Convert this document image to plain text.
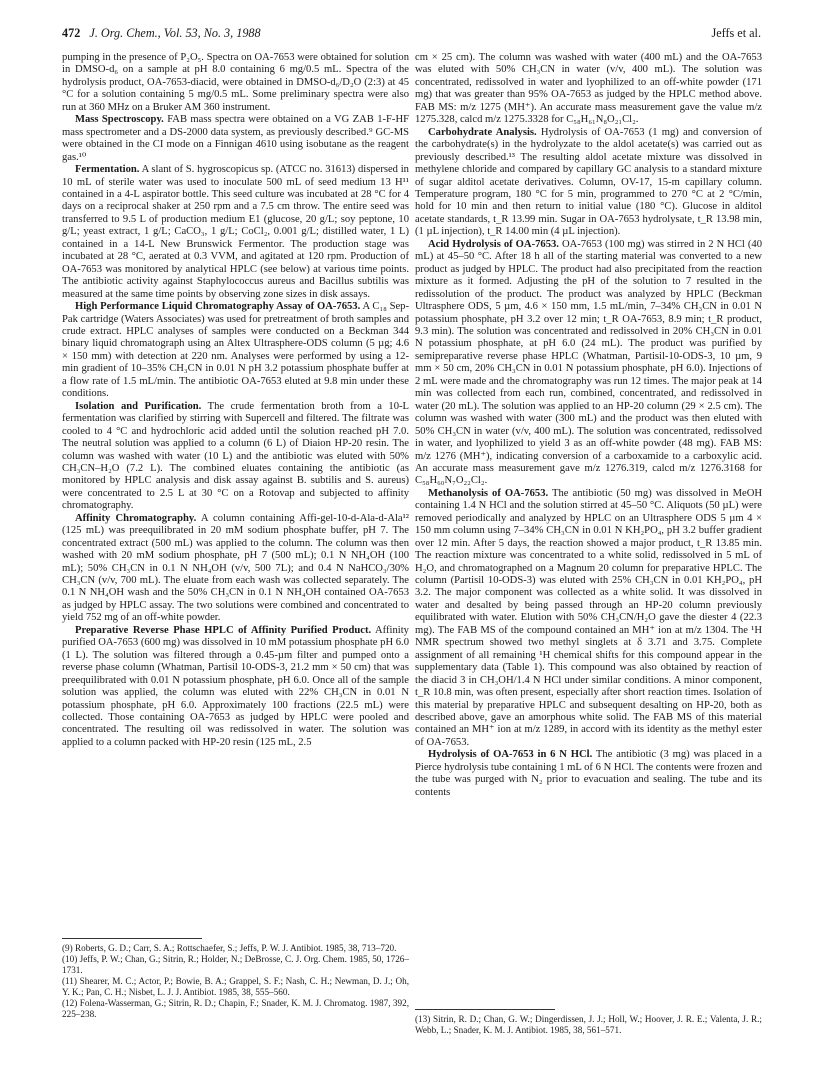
472 J. Org. Chem., Vol. 53, No. 3, 1988	Jeffs et al.

pumping in the presence of P₂O₅. Spectra on OA-7653 were obtained for solution in DMSO-d₆ on a sample at pH 8.0 containing 6 mg/0.5 mL. Spectra of the hydrolysis product, OA-7653-diacid, were obtained in DMSO-d₆/D₂O (2:3) at 45 °C for a solution containing 5 mg/0.5 mL. Some preliminary spectra were also run at 360 MHz on a Bruker AM 360 instrument.

Mass Spectroscopy. FAB mass spectra were obtained on a VG ZAB 1-F-HF mass spectrometer and a DS-2000 data system, as previously described.⁹ GC-MS were obtained in the CI mode on a Finnigan 4610 using isobutane as the reagent gas.¹⁰

Fermentation. A slant of S. hygroscopicus sp. (ATCC no. 31613) dispersed in 10 mL of sterile water was used to inoculate 500 mL of seed medium 13 H¹¹ contained in a 4-L aspirator bottle. This seed culture was incubated at 28 °C for 4 days on a reciprocal shaker at 250 rpm and a 7.5 cm throw. The entire seed was transferred to 9.5 L of production medium E1 (glucose, 20 g/L; soy peptone, 10 g/L; yeast extract, 1 g/L; CaCO₃, 1 g/L; CoCl₂, 0.001 g/L; distilled water, 1 L) contained in a 14-L New Brunswick Fermentor. The production stage was incubated at 28 °C, aerated at 0.3 VVM, and agitated at 120 rpm. Production of OA-7653 was monitored by analytical HPLC (see below) at various time points. The antibiotic activity against Staphylococcus aureus and Bacillus subtilis was measured at the same time points by observing zone sizes in disk assays.

High Performance Liquid Chromatography Assay of OA-7653. A C₁₈ Sep-Pak cartridge (Waters Associates) was used for pretreatment of broth samples and crude extract. HPLC analyses of samples were conducted on a Beckman 344 binary liquid chromatograph using an Altex Ultrasphere-ODS column (5 µg; 4.6 × 150 mm) with detection at 220 nm. Analyses were performed by using a 12-min gradient of 10–35% CH₃CN in 0.01 N pH 3.2 potassium phosphate buffer at a flow rate of 1.5 mL/min. The antibiotic OA-7653 eluted at 9.8 min under these conditions.

Isolation and Purification. The crude fermentation broth from a 10-L fermentation was clarified by stirring with Supercell and filtered. The filtrate was cooled to 4 °C and hydrochloric acid added until the solution reached pH 7.0. The neutral solution was applied to a column (6 L) of Diaion HP-20 resin. The column was washed with water (10 L) and the antibiotic was eluted with 50% CH₃CN–H₂O (7.2 L). The combined eluates containing the antibiotic (as monitored by HPLC analysis and disk assay against B. subtilis and S. aureus) were concentrated to 2.5 L at 30 °C on a Rotovap and subjected to affinity chromatography.

Affinity Chromatography. A column containing Affi-gel-10-d-Ala-d-Ala¹² (125 mL) was preequilibrated in 20 mM sodium phosphate buffer, pH 7. The concentrated extract (500 mL) was applied to the column. The column was then washed with 20 mM sodium phosphate, pH 7 (500 mL); 0.1 N NH₄OH (100 mL); 50% CH₃CN in 0.1 N NH₄OH (v/v, 500 7L); and 0.4 N NaHCO₃/30% CH₃CN (v/v, 700 mL). The eluate from each wash was collected separately. The 0.1 N NH₄OH wash and the 50% CH₃CN in 0.1 N NH₄OH contained OA-7653 as judged by HPLC assay. The two solutions were combined and concentrated to yield 752 mg of an off-white powder.

Preparative Reverse Phase HPLC of Affinity Purified Product. Affinity purified OA-7653 (600 mg) was dissolved in 10 mM potassium phosphate pH 6.0 (1 L). The solution was filtered through a 0.45-µm filter and pumped onto a reverse phase column (Whatman, Partisil 10-ODS-3, 21.2 mm × 50 cm) that was preequilibrated with 0.01 N potassium phosphate, pH 6.0. Once all of the sample solution was applied, the column was eluted with 22% CH₃CN in 0.01 N potassium phosphate, pH 6.0. Approximately 100 fractions (22.5 mL) were collected. Those containing OA-7653 as judged by HPLC were pooled and concentrated. The resulting oil was redissolved in water. The solution was applied to a column packed with HP-20 resin (125 mL, 2.5

cm × 25 cm). The column was washed with water (400 mL) and the OA-7653 was eluted with 50% CH₃CN in water (v/v, 400 mL). The solution was concentrated, redissolved in water and lyophilized to an off-white powder (171 mg) that was greater than 95% OA-7653 as judged by the HPLC method above. FAB MS: m/z 1275 (MH⁺). An accurate mass measurement gave the value m/z 1275.328, calcd m/z 1275.3328 for C₅₈H₆₁N₈O₂₁Cl₂.

Carbohydrate Analysis. Hydrolysis of OA-7653 (1 mg) and conversion of the carbohydrate(s) in the hydrolyzate to the aldol acetate(s) was carried out as previously described.¹³ The resulting aldol acetate mixture was dissolved in methylene chloride and compared by capillary GC analysis to a standard mixture of sugar alditol acetate derivatives. Column, OV-17, 15-m capillary column. Temperature program, 180 °C for 5 min, programmed to 270 °C at 2 °C/min, hold for 10 min and then return to initial value (180 °C). Glucose in alditol acetate standards, t_R 13.99 min. Sugar in OA-7653 hydrolysate, t_R 13.98 min, (1 µL injection), t_R 14.00 min (4 µL injection).

Acid Hydrolysis of OA-7653. OA-7653 (100 mg) was stirred in 2 N HCl (40 mL) at 45–50 °C. After 18 h all of the starting material was converted to a new product as judged by HPLC. The product had also precipitated from the reaction mixture as it formed. Adjusting the pH of the solution to 7 resulted in the redissolution of the product. The product was analyzed by HPLC (Beckman Ultrasphere ODS, 5 µm, 4.6 × 150 mm, 1.5 mL/min, 7–34% CH₃CN in 0.01 N potassium phosphate, pH 3.2 over 12 min; t_R OA-7653, 8.9 min; t_R product, 9.3 min). The solution was concentrated and redissolved in 20% CH₃CN in 0.01 N potassium phosphate, at pH 6.0 (24 mL). The product was purified by semipreparative reverse phase HPLC (Whatman, Partisil-10-ODS-3, 10 µm, 9 mm × 50 cm, 20% CH₃CN in 0.01 N potassium phosphate, pH 6.0). Injections of 2 mL were made and the chromatography was run 12 times. The major peak at 14 min was collected from each run, combined, concentrated, and redissolved in water (20 mL). The solution was applied to an HP-20 column (29 × 2.5 cm). The column was washed with water (300 mL) and the product was then eluted with 50% CH₃CN in water (v/v, 400 mL). The solution was concentrated, redissolved in water, and lyophilized to yield 3 as an off-white powder (48 mg). FAB MS: m/z 1276 (MH⁺), indicating conversion of a carboxamide to a carboxylic acid. An accurate mass measurement gave m/z 1276.319, calcd m/z 1276.3168 for C₅₈H₆₀N₇O₂₂Cl₂.

Methanolysis of OA-7653. The antibiotic (50 mg) was dissolved in MeOH containing 1.4 N HCl and the solution stirred at 45–50 °C. Aliquots (50 µL) were removed periodically and analyzed by HPLC on an Ultrasphere ODS 5 µm 4 × 150 mm column using 7–34% CH₃CN in 0.01 N KH₂PO₄, pH 3.2 buffer gradient over 12 min. After 5 days, the reaction showed a major product, t_R 13.85 min. The reaction mixture was concentrated to a white solid, redissolved in 5 mL of H₂O, and chromatographed on a Magnum 20 column for preparative HPLC. The column (Partisil 10-ODS-3) was eluted with 25% CH₃CN in 0.01 KH₂PO₄, pH 3.2. The major component was collected as a white solid. It was dissolved in water and desalted by being passed through an HP-20 column previously equilibrated with water. Elution with 50% CH₃CN/H₂O gave the diester 4 (22.3 mg). The FAB MS of the compound contained an MH⁺ ion at m/z 1304. The ¹H NMR spectrum showed two methyl singlets at δ 3.71 and 3.75. Complete assignment of all remaining ¹H chemical shifts for this compound appear in the supplementary data (Table 1). This compound was also obtained by reaction of the diacid 3 in CH₃OH/1.4 N HCl under similar conditions. A minor component, t_R 10.8 min, was often present, especially after short reaction times. Isolation of this material by preparative HPLC and subsequent desalting on HP-20, both as described above, gave an amorphous white solid. The FAB MS of this material contained an MH⁺ ion at m/z 1289, in accord with its identity as the methyl ester of OA-7653.

Hydrolysis of OA-7653 in 6 N HCl. The antibiotic (3 mg) was placed in a Pierce hydrolysis tube containing 1 mL of 6 N HCl. The contents were frozen and the tube was purged with N₂ prior to evacuation and sealing. The tube and its contents

(9) Roberts, G. D.; Carr, S. A.; Rottschaefer, S.; Jeffs, P. W. J. Antibiot. 1985, 38, 713–720.

(10) Jeffs, P. W.; Chan, G.; Sitrin, R.; Holder, N.; DeBrosse, C. J. Org. Chem. 1985, 50, 1726–1731.

(11) Shearer, M. C.; Actor, P.; Bowie, B. A.; Grappel, S. F.; Nash, C. H.; Newman, D. J.; Oh, Y. K.; Pan, C. H.; Nisbet, L. J. J. Antibiot. 1985, 38, 555–560.

(12) Folena-Wasserman, G.; Sitrin, R. D.; Chapin, F.; Snader, K. M. J. Chromatog. 1987, 392, 225–238.	(13) Sitrin, R. D.; Chan, G. W.; Dingerdissen, J. J.; Holl, W.; Hoover, J. R. E.; Valenta, J. R.; Webb, L.; Snader, K. M. J. Antibiot. 1985, 38, 561–571.
